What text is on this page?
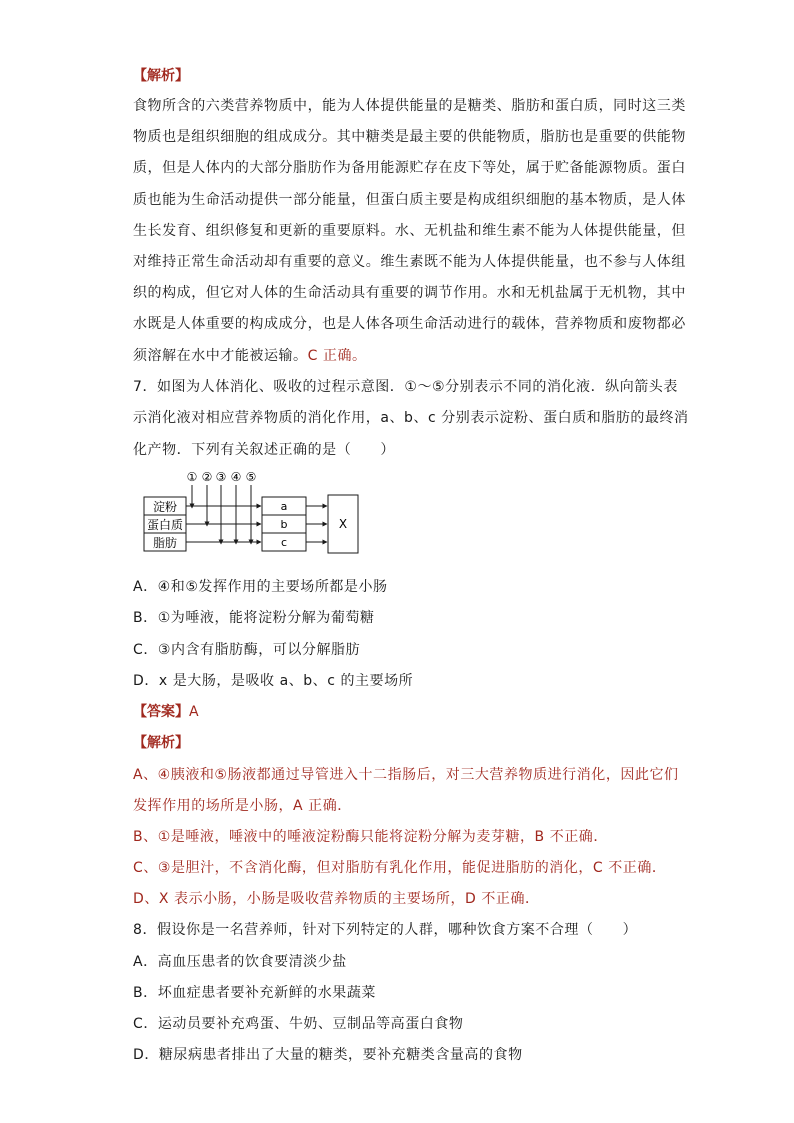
【解析】
食物所含的六类营养物质中，能为人体提供能量的是糖类、脂肪和蛋白质，同时这三类
物质也是组织细胞的组成成分。其中糖类是最主要的供能物质，脂肪也是重要的供能物
质，但是人体内的大部分脂肪作为备用能源贮存在皮下等处，属于贮备能源物质。蛋白
质也能为生命活动提供一部分能量，但蛋白质主要是构成组织细胞的基本物质，是人体
生长发育、组织修复和更新的重要原料。水、无机盐和维生素不能为人体提供能量，但
对维持正常生命活动却有重要的意义。维生素既不能为人体提供能量，也不参与人体组
织的构成，但它对人体的生命活动具有重要的调节作用。水和无机盐属于无机物，其中
水既是人体重要的构成成分，也是人体各项生命活动进行的载体，营养物质和废物都必
须溶解在水中才能被运输。C 正确。
7．如图为人体消化、吸收的过程示意图．①～⑤分别表示不同的消化液．纵向箭头表
示消化液对相应营养物质的消化作用，a、b、c 分别表示淀粉、蛋白质和脂肪的最终消
化产物．下列有关叙述正确的是（　　）
① ② ③ ④ ⑤
淀粉
蛋白质
脂肪
a
b
c
X
A．④和⑤发挥作用的主要场所都是小肠
B．①为唾液，能将淀粉分解为葡萄糖
C．③内含有脂肪酶，可以分解脂肪
D．x 是大肠，是吸收 a、b、c 的主要场所
【答案】A
【解析】
A、④胰液和⑤肠液都通过导管进入十二指肠后，对三大营养物质进行消化，因此它们
发挥作用的场所是小肠，A 正确．
B、①是唾液，唾液中的唾液淀粉酶只能将淀粉分解为麦芽糖，B 不正确．
C、③是胆汁，不含消化酶，但对脂肪有乳化作用，能促进脂肪的消化，C 不正确．
D、X 表示小肠，小肠是吸收营养物质的主要场所，D 不正确．
8．假设你是一名营养师，针对下列特定的人群，哪种饮食方案不合理（　　）
A．高血压患者的饮食要清淡少盐
B．坏血症患者要补充新鲜的水果蔬菜
C．运动员要补充鸡蛋、牛奶、豆制品等高蛋白食物
D．糖尿病患者排出了大量的糖类，要补充糖类含量高的食物
